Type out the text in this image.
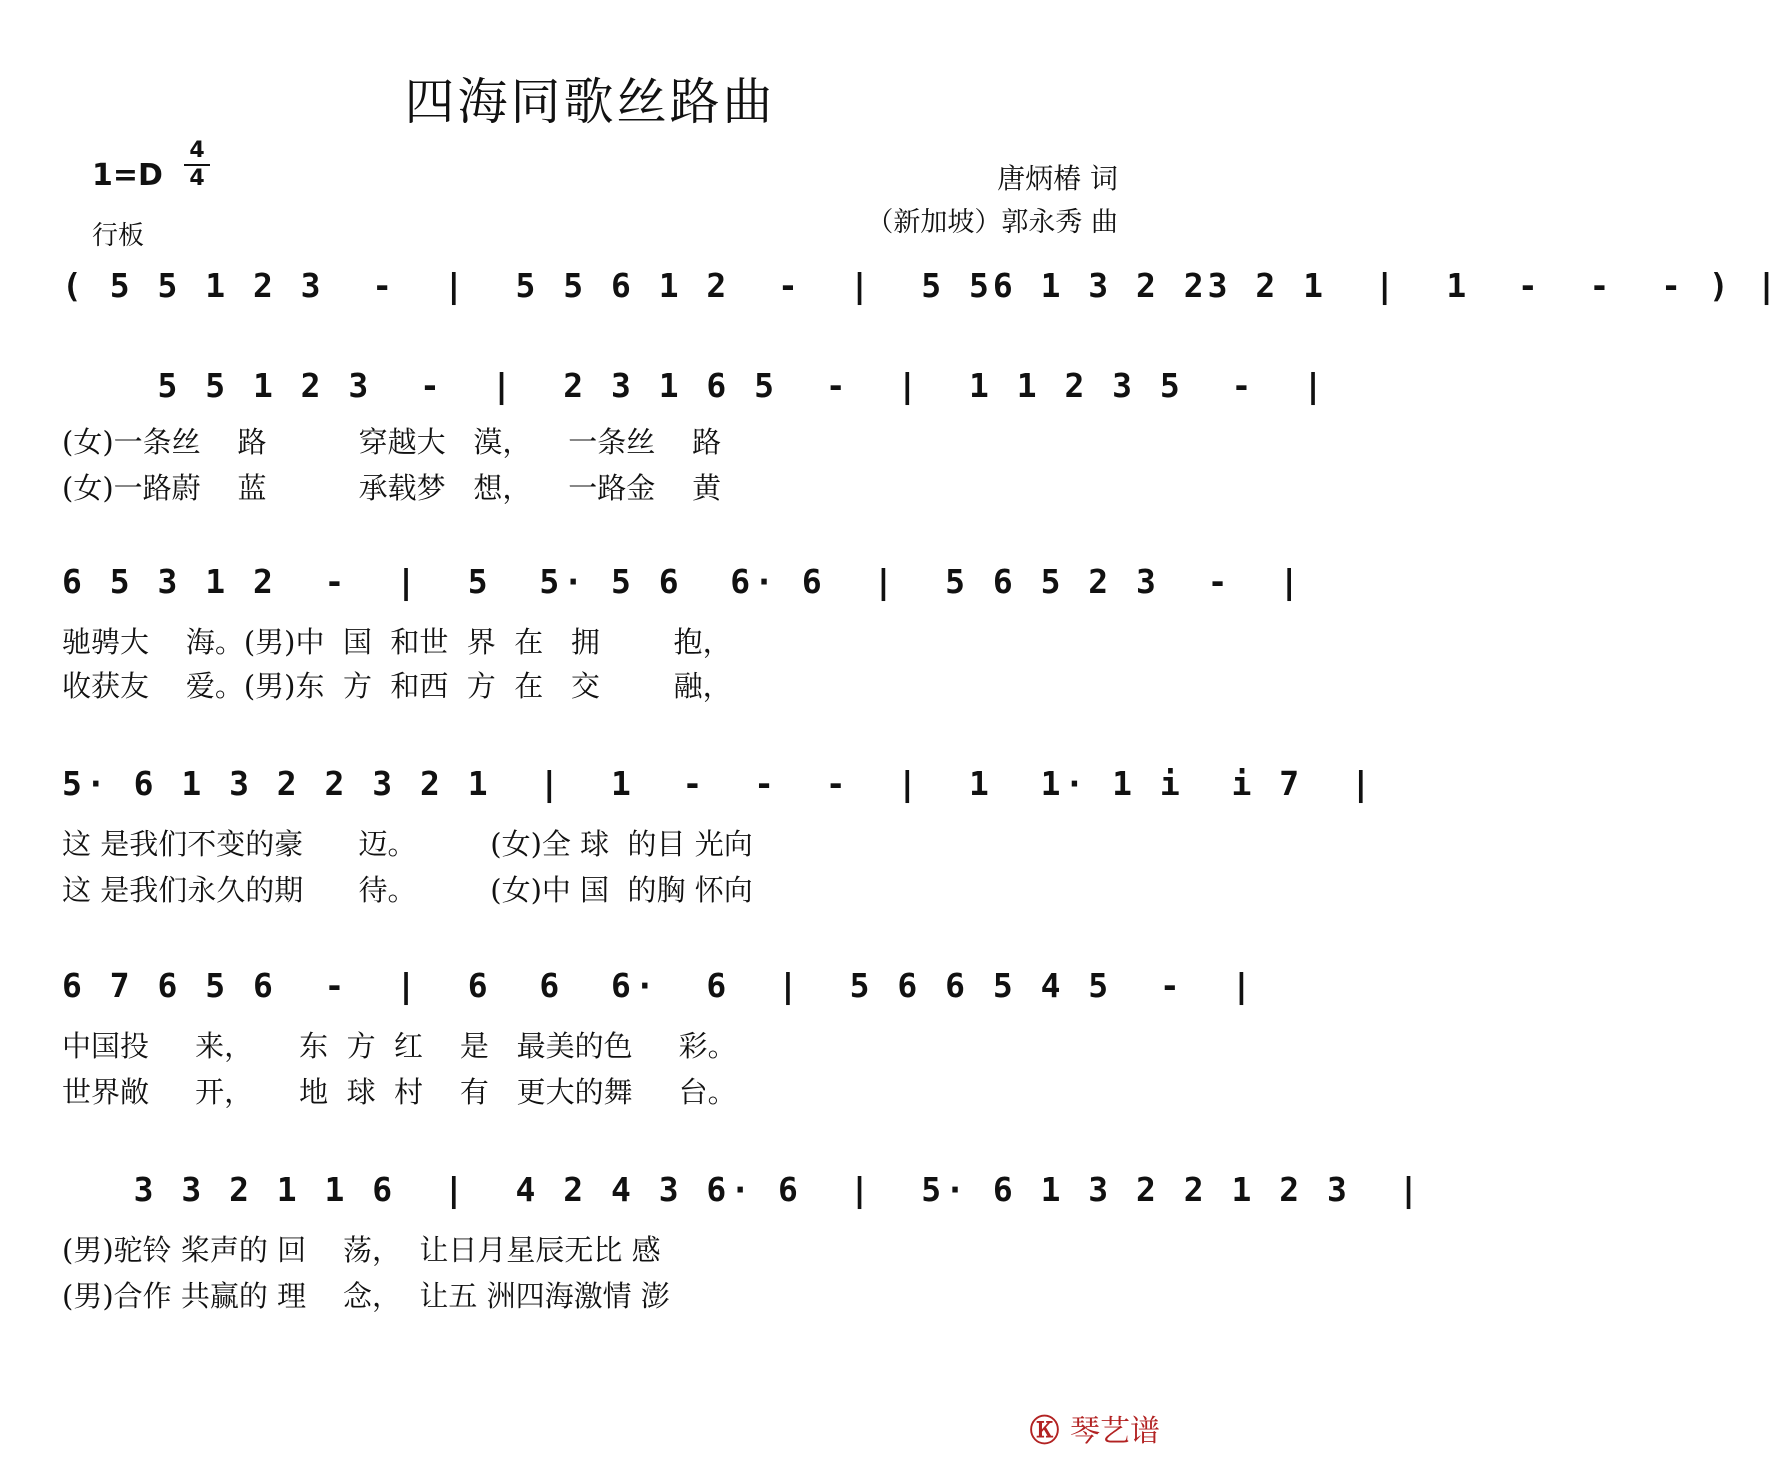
四海同歌丝路曲
1=D
4
4
行板
唐炳椿 词
（新加坡）郭永秀 曲
( 5 5 1 2 3  -  |  5 5 6 1 2  -  |  5 56 1 3 2 23 2 1  |  1  -  -  - ) |
5 5 1 2 3  -  |  2 3 1 6 5  -  |  1 1 2 3 5  -  |
(女)一条丝    路          穿越大   漠，    一条丝    路
(女)一路蔚    蓝          承载梦   想，    一路金    黄
6 5 3 1 2  -  |  5  5· 5 6  6· 6  |  5 6 5 2 3  -  |
驰骋大    海。(男)中  国  和世  界  在   拥        抱，
收获友    爱。(男)东  方  和西  方  在   交        融，
5· 6 1 3 2 2 3 2 1  |  1  -  -  -  |  1  1· 1 i  i 7  |
这 是我们不变的豪      迈。        (女)全 球  的目 光向
这 是我们永久的期      待。        (女)中 国  的胸 怀向
6 7 6 5 6  -  |  6  6  6·  6  |  5 6 6 5 4 5  -  |
中国投     来，     东  方  红    是   最美的色     彩。
世界敞     开，     地  球  村    有   更大的舞     台。
3 3 2 1 1 6  |  4 2 4 3 6· 6  |  5· 6 1 3 2 2 1 2 3  |
(男)驼铃 桨声的 回    荡，  让日月星辰无比 感
(男)合作 共赢的 理    念，  让五 洲四海激情 澎
Ⓚ 琴艺谱
